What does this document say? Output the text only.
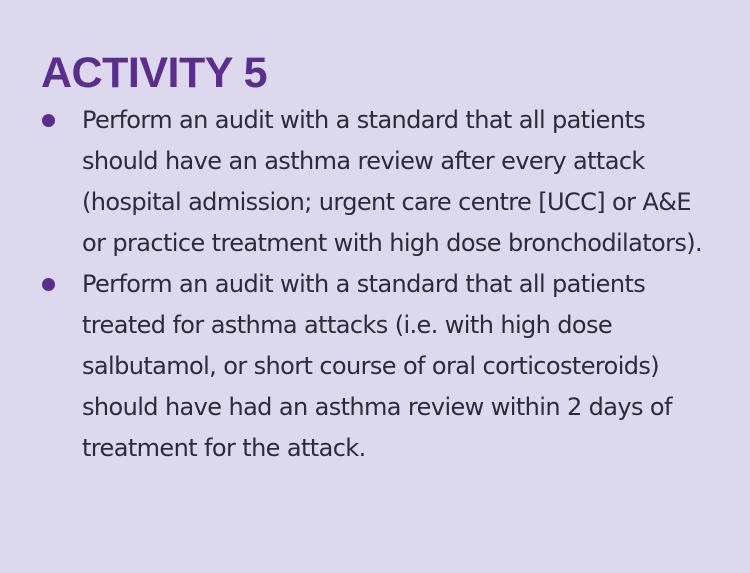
ACTIVITY 5
Perform an audit with a standard that all patients should have an asthma review after every attack (hospital admission; urgent care centre [UCC] or A&E or practice treatment with high dose bronchodilators).
Perform an audit with a standard that all patients treated for asthma attacks (i.e. with high dose salbutamol, or short course of oral corticosteroids) should have had an asthma review within 2 days of treatment for the attack.
